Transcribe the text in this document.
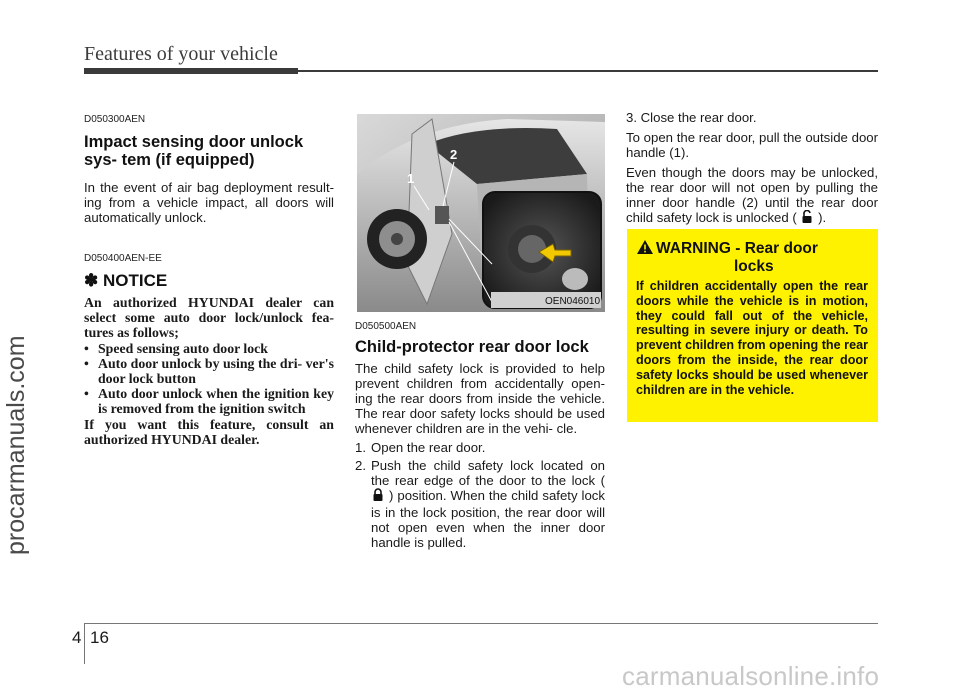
Features of your vehicle
procarmanuals.com
D050300AEN
Impact sensing door unlock sys- tem (if equipped)
In the event of air bag deployment result- ing from a vehicle impact, all doors will automatically unlock.
D050400AEN-EE
✽ NOTICE
An authorized HYUNDAI dealer can select some auto door lock/unlock fea- tures as follows;
• Speed sensing auto door lock
• Auto door unlock by using the dri- ver's door lock button
• Auto door unlock when the ignition key is removed from the ignition switch
If you want this feature, consult an authorized HYUNDAI dealer.
1
2
OEN046010
D050500AEN
Child-protector rear door lock
The child safety lock is provided to help prevent children from accidentally open- ing the rear doors from inside the vehicle. The rear door safety locks should be used whenever children are in the vehi- cle.
1. Open the rear door.
2. Push the child safety lock located on the rear edge of the door to the lock (  ) position. When the child safety lock is in the lock position, the rear door will not open even when the inner door handle is pulled.
3. Close the rear door.
To open the rear door, pull the outside door handle (1).
Even though the doors may be unlocked, the rear door will not open by pulling the inner door handle (2) until the rear door child safety lock is unlocked ( ).
WARNING - Rear door
locks
If children accidentally open the rear doors while the vehicle is in motion, they could fall out of the vehicle, resulting in severe injury or death. To prevent children from opening the rear doors from the inside, the rear door safety locks should be used whenever children are in the vehicle.
4 16
carmanualsonline.info
